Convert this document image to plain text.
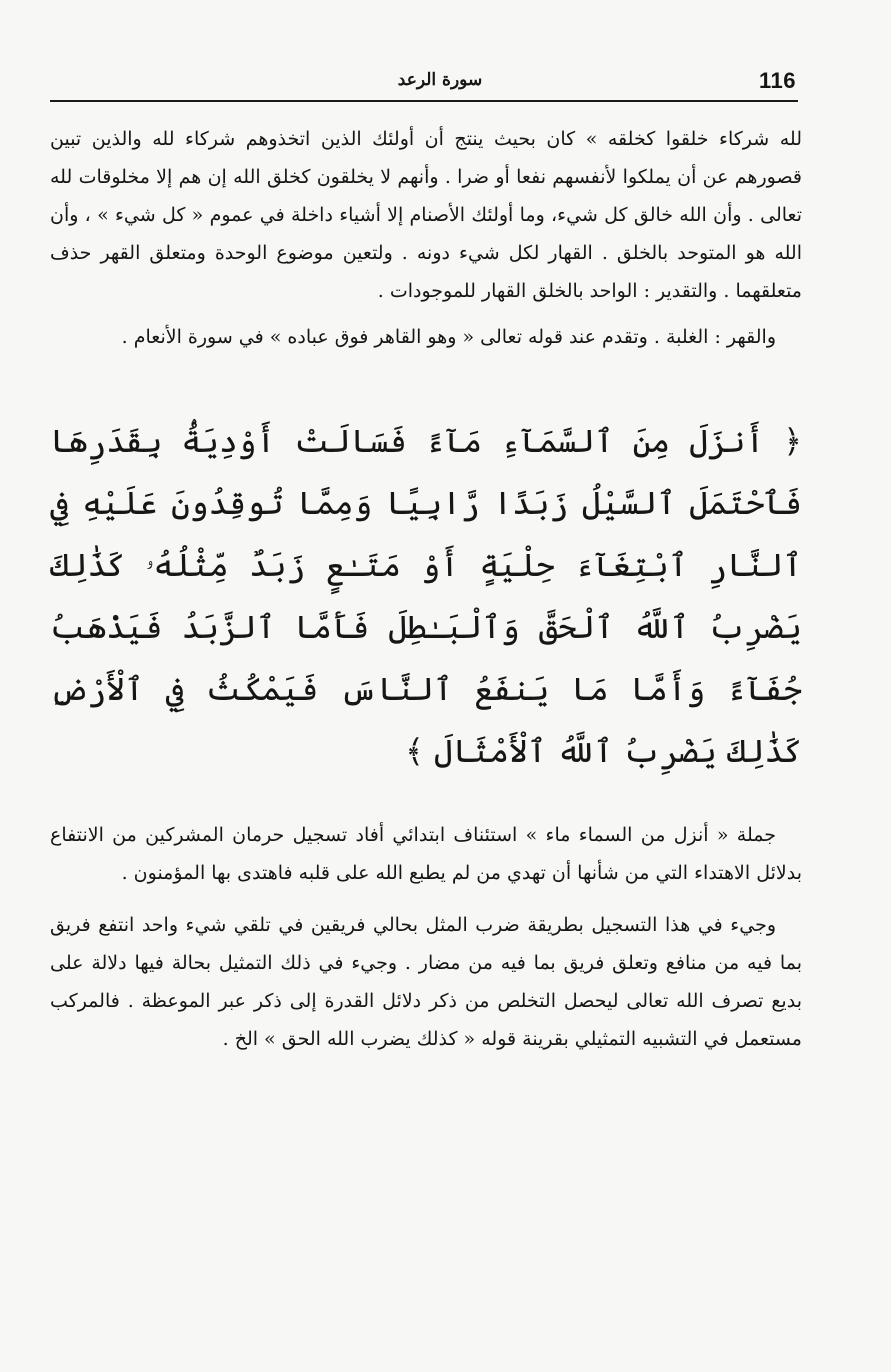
116
سورة الرعد

لله شركاء خلقوا كخلقه » كان بحيث ينتج أن أولئك الذين اتخذوهم شركاء لله والذين تبين قصورهم عن أن يملكوا لأنفسهم نفعا أو ضرا . وأنهم لا يخلقون كخلق الله إن هم إلا مخلوقات لله تعالى . وأن الله خالق كل شيء، وما أولئك الأصنام إلا أشياء داخلة في عموم « كل شيء » ، وأن الله هو المتوحد بالخلق . القهار لكل شيء دونه . ولتعين موضوع الوحدة ومتعلق القهر حذف متعلقهما . والتقدير : الواحد بالخلق القهار للموجودات .

والقهر : الغلبة . وتقدم عند قوله تعالى « وهو القاهر فوق عباده » في سورة الأنعام .

﴿ أَنزَلَ مِنَ ٱلسَّمَآءِ مَآءً فَسَالَتْ أَوْدِيَةُۢ بِقَدَرِهَا فَٱحْتَمَلَ ٱلسَّيْلُ زَبَدًا رَّابِيًا وَمِمَّا تُوقِدُونَ عَلَيْهِ فِي ٱلنَّارِ ٱبْتِغَآءَ حِلْيَةٍ أَوْ مَتَـٰعٍ زَبَدٌ مِّثْلُهُۥ كَذَٰلِكَ يَضْرِبُ ٱللَّهُ ٱلْحَقَّ وَٱلْبَـٰطِلَ فَأَمَّا ٱلزَّبَدُ فَيَذْهَبُ جُفَآءً وَأَمَّا مَا يَنفَعُ ٱلنَّاسَ فَيَمْكُثُ فِي ٱلْأَرْضِ كَذَٰلِكَ يَضْرِبُ ٱللَّهُ ٱلْأَمْثَالَ ﴾

جملة « أنزل من السماء ماء » استئناف ابتدائي أفاد تسجيل حرمان المشركين من الانتفاع بدلائل الاهتداء التي من شأنها أن تهدي من لم يطبع الله على قلبه فاهتدى بها المؤمنون .

وجيء في هذا التسجيل بطريقة ضرب المثل بحالي فريقين في تلقي شيء واحد انتفع فريق بما فيه من منافع وتعلق فريق بما فيه من مضار . وجيء في ذلك التمثيل بحالة فيها دلالة على بديع تصرف الله تعالى ليحصل التخلص من ذكر دلائل القدرة إلى ذكر عبر الموعظة . فالمركب مستعمل في التشبيه التمثيلي بقرينة قوله « كذلك يضرب الله الحق » الخ .
